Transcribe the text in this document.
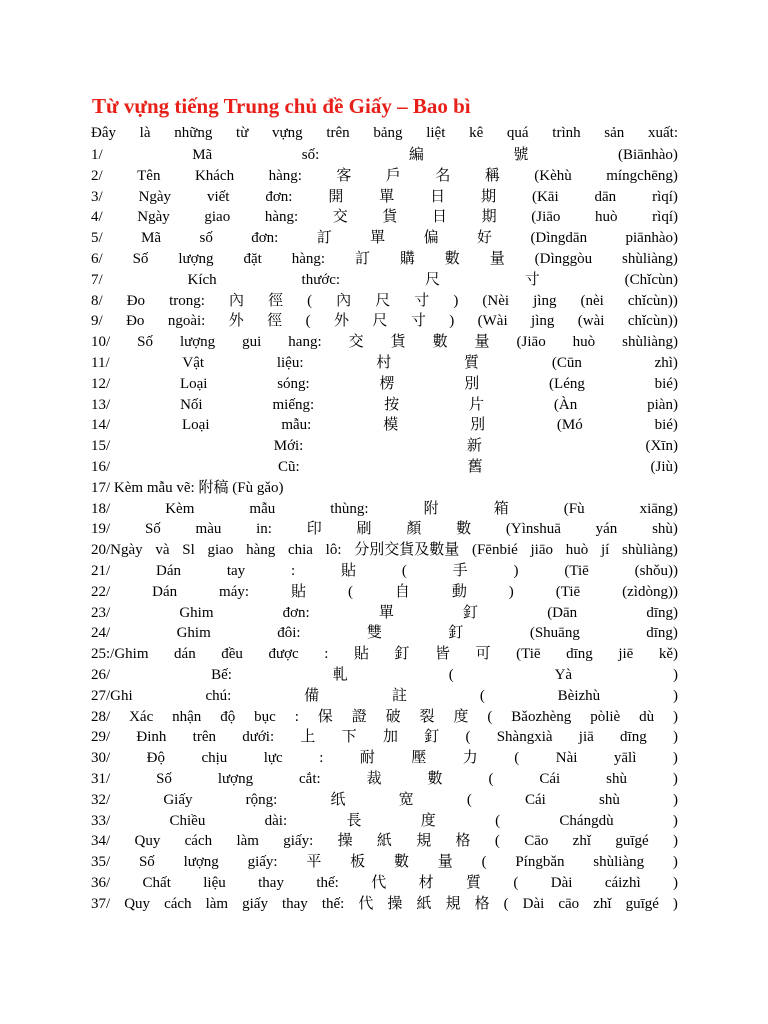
Từ vựng tiếng Trung chủ đề Giấy – Bao bì
Đây là những từ vựng trên bảng liệt kê quá trình sản xuất:
1/	Mã	số:	編	號	(Biānhào)
2/ Tên Khách hàng: 客 戶 名 稱 (Kèhù míngchēng)
3/ Ngày viết đơn: 開 單 日 期 (Kāi dān rìqí)
4/ Ngày giao hàng: 交 貨 日 期 (Jiāo huò rìqí)
5/	Mã	số	đơn:	訂	單	偏	好	(Dìngdān	piānhào)
6/ Số lượng đặt hàng: 訂 購 數 量 (Dìnggòu shùliàng)
7/	Kích	thước:	尺	寸	(Chǐcùn)
8/ Đo trong: 內 徑 ( 內 尺 寸 ) (Nèi jìng (nèi chǐcùn))
9/ Đo ngoài: 外 徑 ( 外 尺 寸 ) (Wài jìng (wài chǐcùn))
10/ Số lượng gui hang: 交 貨 數 量 (Jiāo huò shùliàng)
11/	Vật	liệu:	村	質	(Cūn	zhì)
12/	Loại	sóng:	楞	別	(Léng	bié)
13/	Nối	miếng:	按	片	(Àn	piàn)
14/	Loại	mẫu:	模	別	(Mó	bié)
15/	Mới:	新	(Xīn)
16/	Cũ:	舊	(Jiù)
17/ Kèm mẫu vẽ: 附稿 (Fù gǎo)
18/	Kèm	mẫu	thùng:	附	箱	(Fù	xiāng)
19/ Số màu in: 印 刷 顏 數 (Yìnshuā yán shù)
20/Ngày và Sl giao hàng chia lô: 分別交貨及數量 (Fēnbié jiāo huò jí shùliàng)
21/	Dán	tay	:	貼	(	手	)	(Tiē	(shǒu))
22/	Dán	máy:	貼	(	自	動	)	(Tiē	(zìdòng))
23/	Ghim	đơn:	單	釘	(Dān	dīng)
24/	Ghim	đôi:	雙	釘	(Shuāng	dīng)
25:/Ghim dán đều được : 貼 釘 皆 可 (Tiē dīng jiē kě)
26/	Bế:	軋	(	Yà	)
27/Ghi	chú:	備	註	(	Bèizhù	)
28/ Xác nhận độ bục : 保 證 破 裂 度 ( Bǎozhèng pòliè dù )
29/ Đinh trên dưới: 上 下 加 釘 ( Shàngxià jiā dīng )
30/ Độ chịu lực : 耐 壓 力 ( Nài yālì )
31/	Số	lượng	cắt:	裁	數	(	Cái	shù	)
32/	Giấy	rộng:	纸	宽	(	Cái	shù	)
33/	Chiều	dài:	長	度	(	Chángdù	)
34/ Quy cách làm giấy: 操 紙 規 格 ( Cāo zhǐ guīgé )
35/ Số lượng giấy: 平 板 數 量 ( Píngbǎn shùliàng )
36/ Chất liệu thay thế: 代 材 質 ( Dài cáizhì )
37/ Quy cách làm giấy thay thế: 代 操 紙 規 格 ( Dài cāo zhǐ guīgé )
